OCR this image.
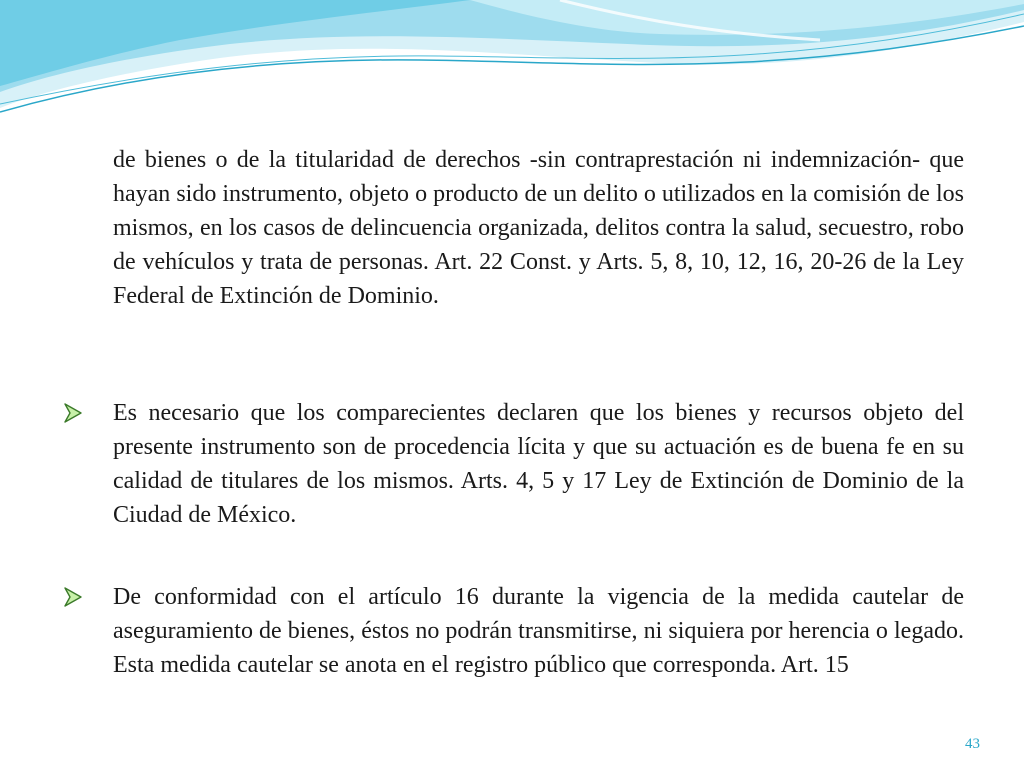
de bienes o de la titularidad de derechos -sin contraprestación ni indemnización- que hayan sido instrumento, objeto o producto de un delito o utilizados en la comisión de los mismos, en los casos de delincuencia organizada, delitos contra la salud, secuestro, robo de vehículos y trata de personas. Art. 22 Const. y Arts. 5, 8, 10, 12, 16, 20-26 de la Ley Federal de Extinción de Dominio.

Es necesario que los comparecientes declaren que los bienes y recursos objeto del presente instrumento son de procedencia lícita y que su actuación es de buena fe en su calidad de titulares de los mismos. Arts. 4, 5 y 17 Ley de Extinción de Dominio de la Ciudad de México.

De conformidad con el artículo 16 durante la vigencia de la medida cautelar de aseguramiento de bienes, éstos no podrán transmitirse, ni siquiera por herencia o legado. Esta medida cautelar se anota en el registro público que corresponda. Art. 15

43
